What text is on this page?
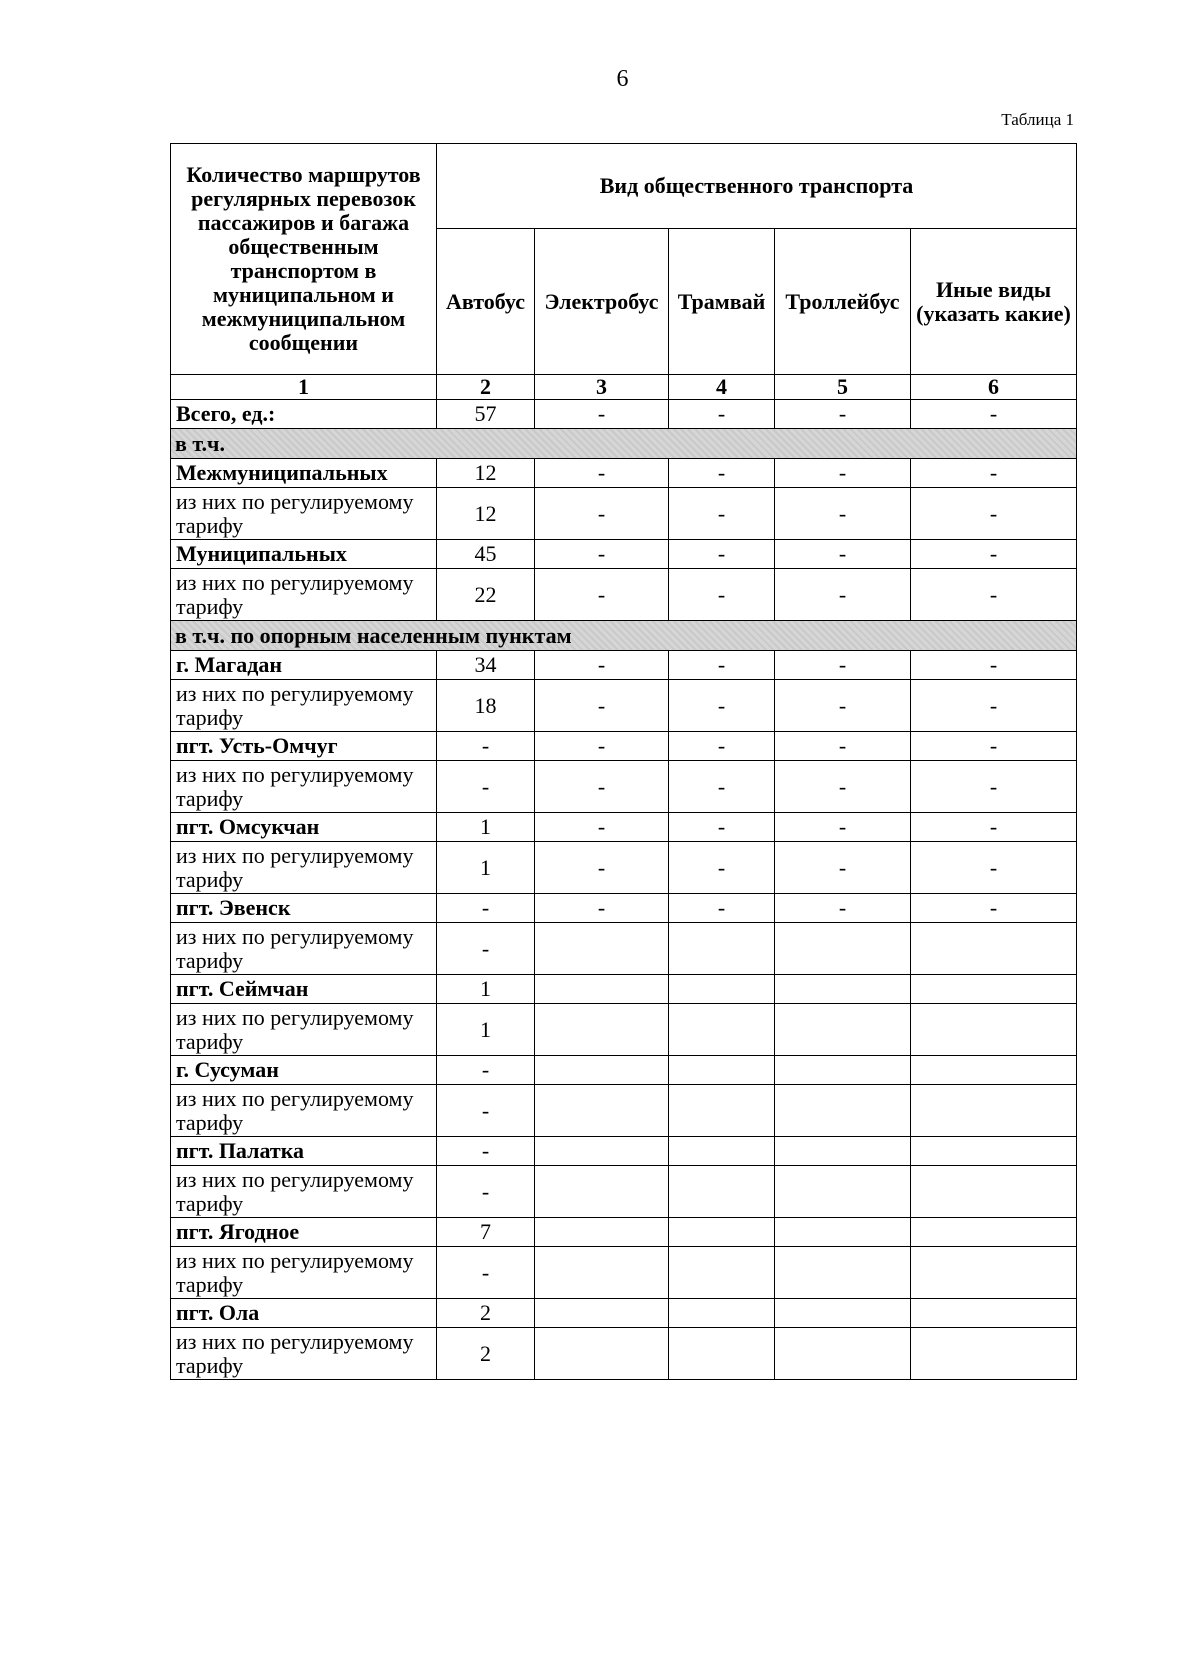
6
Таблица 1
Количество маршрутов регулярных перевозок пассажиров и багажа общественным транспортом в муниципальном и межмуниципальном сообщении	Вид общественного транспорта				
	Автобус	Электробус	Трамвай	Троллейбус	Иные виды (указать какие)
1	2	3	4	5	6
Всего, ед.:	57	-	-	-	-
в т.ч.					
Межмуниципальных	12	-	-	-	-
из них по регулируемому тарифу	12	-	-	-	-
Муниципальных	45	-	-	-	-
из них по регулируемому тарифу	22	-	-	-	-
в т.ч. по опорным населенным пунктам					
г. Магадан	34	-	-	-	-
из них по регулируемому тарифу	18	-	-	-	-
пгт. Усть-Омчуг	-	-	-	-	-
из них по регулируемому тарифу	-	-	-	-	-
пгт. Омсукчан	1	-	-	-	-
из них по регулируемому тарифу	1	-	-	-	-
пгт. Эвенск	-	-	-	-	-
из них по регулируемому тарифу	-				
пгт. Сеймчан	1				
из них по регулируемому тарифу	1				
г. Сусуман	-				
из них по регулируемому тарифу	-				
пгт. Палатка	-				
из них по регулируемому тарифу	-				
пгт. Ягодное	7				
из них по регулируемому тарифу	-				
пгт. Ола	2				
из них по регулируемому тарифу	2				
